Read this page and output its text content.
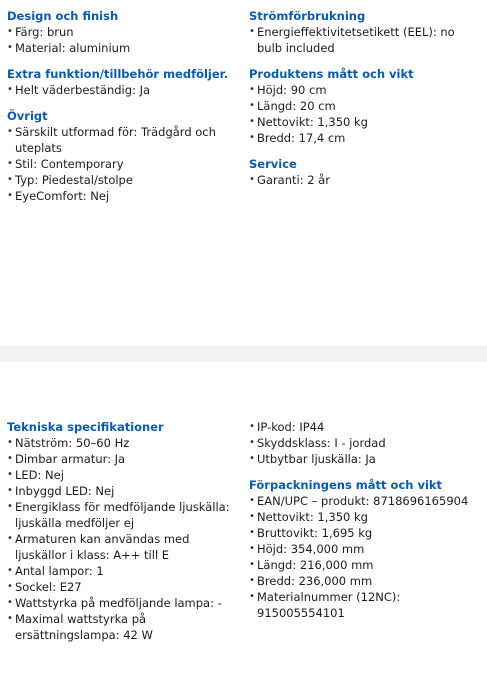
Design och finish
• Färg: brun
• Material: aluminium
Extra funktion/tillbehör medföljer.
• Helt väderbeständig: Ja
Övrigt
• Särskilt utformad för: Trädgård och uteplats
• Stil: Contemporary
• Typ: Piedestal/stolpe
• EyeComfort: Nej
Strömförbrukning
• Energieffektivitetsetikett (EEL): no bulb included
Produktens mått och vikt
• Höjd: 90 cm
• Längd: 20 cm
• Nettovikt: 1,350 kg
• Bredd: 17,4 cm
Service
• Garanti: 2 år
Tekniska specifikationer
• Nätström: 50–60 Hz
• Dimbar armatur: Ja
• LED: Nej
• Inbyggd LED: Nej
• Energiklass för medföljande ljuskälla: ljuskälla medföljer ej
• Armaturen kan användas med ljuskällor i klass: A++ till E
• Antal lampor: 1
• Sockel: E27
• Wattstyrka på medföljande lampa: -
• Maximal wattstyrka på ersättningslampa: 42 W
• IP-kod: IP44
• Skyddsklass: I - jordad
• Utbytbar ljuskälla: Ja
Förpackningens mått och vikt
• EAN/UPC – produkt: 8718696165904
• Nettovikt: 1,350 kg
• Bruttovikt: 1,695 kg
• Höjd: 354,000 mm
• Längd: 216,000 mm
• Bredd: 236,000 mm
• Materialnummer (12NC): 915005554101
